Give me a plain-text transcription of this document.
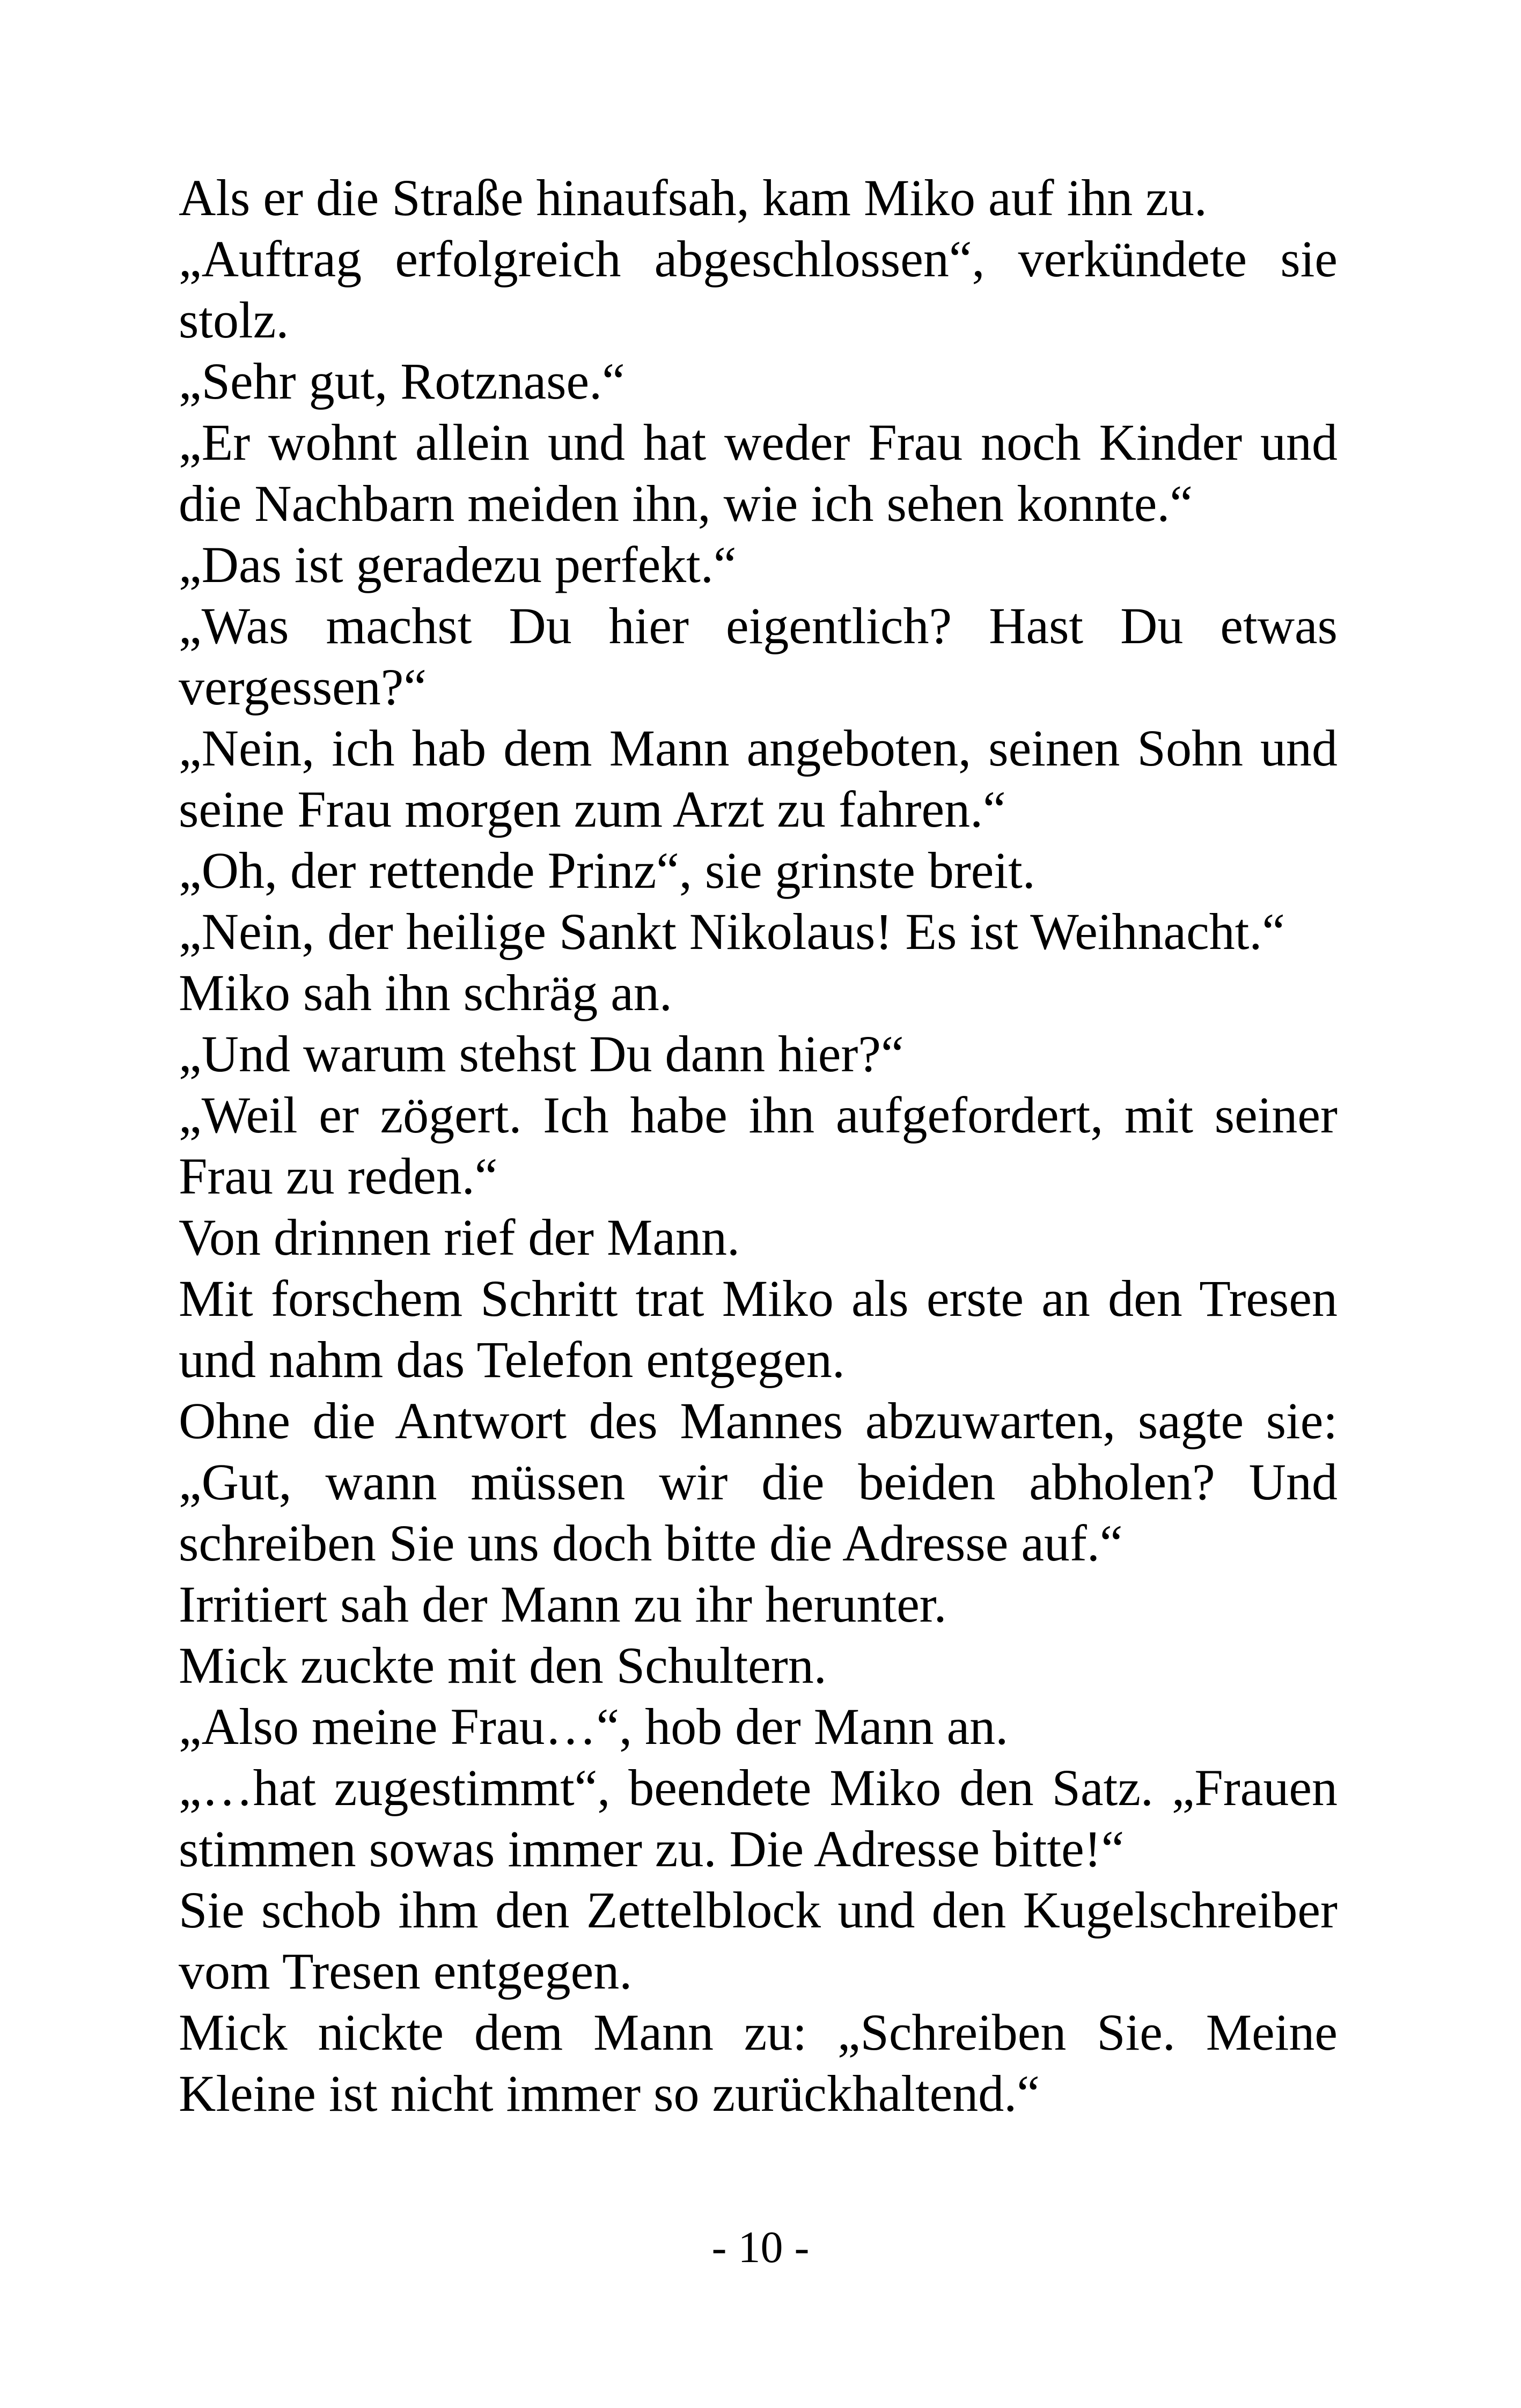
Als er die Straße hinaufsah, kam Miko auf ihn zu.
„Auftrag erfolgreich abgeschlossen“, verkündete sie stolz.
„Sehr gut, Rotznase.“
„Er wohnt allein und hat weder Frau noch Kinder und die Nachbarn meiden ihn, wie ich sehen konnte.“
„Das ist geradezu perfekt.“
„Was machst Du hier eigentlich? Hast Du etwas vergessen?“
„Nein, ich hab dem Mann angeboten, seinen Sohn und seine Frau morgen zum Arzt zu fahren.“
„Oh, der rettende Prinz“, sie grinste breit.
„Nein, der heilige Sankt Nikolaus! Es ist Weihnacht.“
Miko sah ihn schräg an.
„Und warum stehst Du dann hier?“
„Weil er zögert. Ich habe ihn aufgefordert, mit seiner Frau zu reden.“
Von drinnen rief der Mann.
Mit forschem Schritt trat Miko als erste an den Tresen und nahm das Telefon entgegen.
Ohne die Antwort des Mannes abzuwarten, sagte sie: „Gut, wann müssen wir die beiden abholen? Und schreiben Sie uns doch bitte die Adresse auf.“
Irritiert sah der Mann zu ihr herunter.
Mick zuckte mit den Schultern.
„Also meine Frau…“, hob der Mann an.
„…hat zugestimmt“, beendete Miko den Satz. „Frauen stimmen sowas immer zu. Die Adresse bitte!“
Sie schob ihm den Zettelblock und den Kugelschreiber vom Tresen entgegen.
Mick nickte dem Mann zu: „Schreiben Sie. Meine Kleine ist nicht immer so zurückhaltend.“
- 10 -
